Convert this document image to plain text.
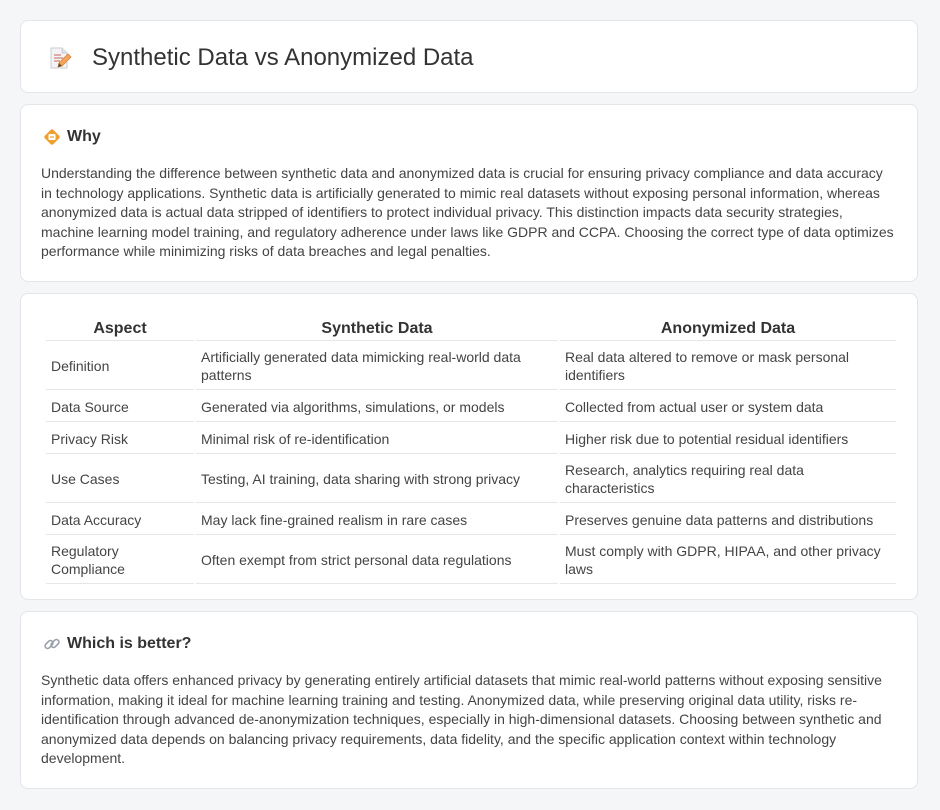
Synthetic Data vs Anonymized Data
Why

Understanding the difference between synthetic data and anonymized data is crucial for ensuring privacy compliance and data accuracy in technology applications. Synthetic data is artificially generated to mimic real datasets without exposing personal information, whereas anonymized data is actual data stripped of identifiers to protect individual privacy. This distinction impacts data security strategies, machine learning model training, and regulatory adherence under laws like GDPR and CCPA. Choosing the correct type of data optimizes performance while minimizing risks of data breaches and legal penalties.

Aspect	Synthetic Data	Anonymized Data
Definition	Artificially generated data mimicking real-world data patterns	Real data altered to remove or mask personal identifiers
Data Source	Generated via algorithms, simulations, or models	Collected from actual user or system data
Privacy Risk	Minimal risk of re-identification	Higher risk due to potential residual identifiers
Use Cases	Testing, AI training, data sharing with strong privacy	Research, analytics requiring real data characteristics
Data Accuracy	May lack fine-grained realism in rare cases	Preserves genuine data patterns and distributions
Regulatory Compliance	Often exempt from strict personal data regulations	Must comply with GDPR, HIPAA, and other privacy laws
Which is better?

Synthetic data offers enhanced privacy by generating entirely artificial datasets that mimic real-world patterns without exposing sensitive information, making it ideal for machine learning training and testing. Anonymized data, while preserving original data utility, risks re-identification through advanced de-anonymization techniques, especially in high-dimensional datasets. Choosing between synthetic and anonymized data depends on balancing privacy requirements, data fidelity, and the specific application context within technology development.
